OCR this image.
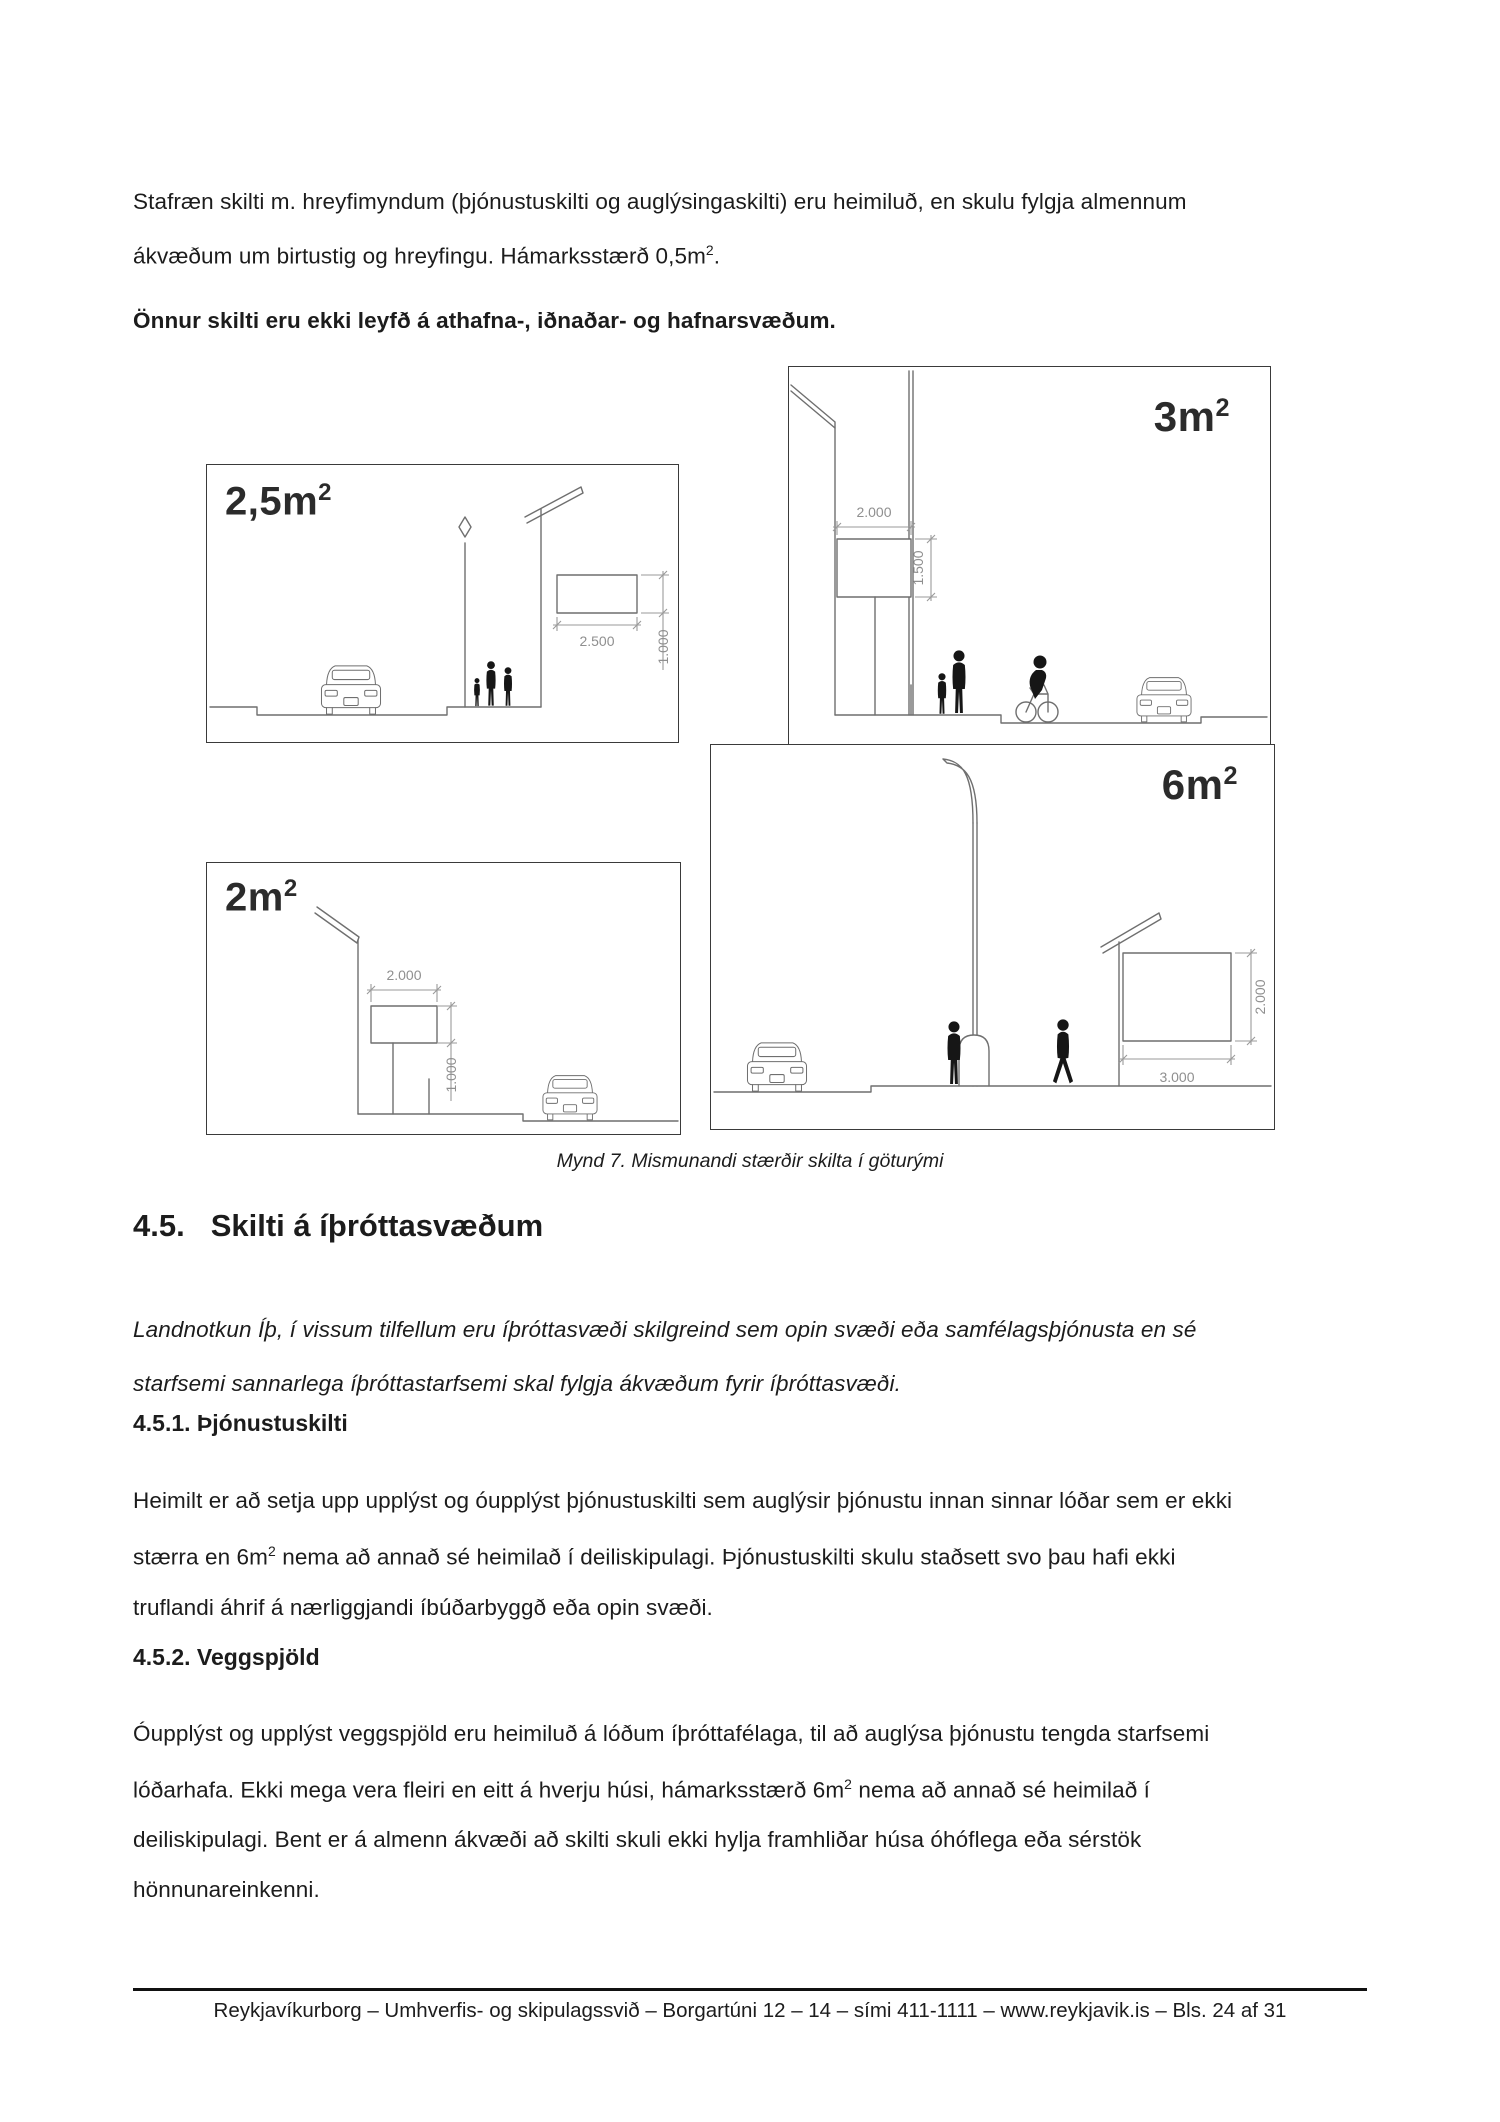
Stafræn skilti m. hreyfimyndum (þjónustuskilti og auglýsingaskilti) eru heimiluð, en skulu fylgja almennum ákvæðum um birtustig og hreyfingu. Hámarksstærð $0,5m^2$.

Önnur skilti eru ekki leyfð á athafna-, iðnaðar- og hafnarsvæðum.

2.500	1.000
$2,5m^2$
2.000
1.500
$3m^2$
2.000
1.000
$2m^2$
3.000
2.000
$6m^2$
Mynd 7. Mismunandi stærðir skilta í göturými
4.5. Skilti á íþróttasvæðum

Landnotkun Íþ, í vissum tilfellum eru íþróttasvæði skilgreind sem opin svæði eða samfélagsþjónusta en sé starfsemi sannarlega íþróttastarfsemi skal fylgja ákvæðum fyrir íþróttasvæði.

4.5.1. Þjónustuskilti

Heimilt er að setja upp upplýst og óupplýst þjónustuskilti sem auglýsir þjónustu innan sinnar lóðar sem er ekki stærra en $6m^2$ nema að annað sé heimilað í deiliskipulagi. Þjónustuskilti skulu staðsett svo þau hafi ekki truflandi áhrif á nærliggjandi íbúðarbyggð eða opin svæði.

4.5.2. Veggspjöld

Óupplýst og upplýst veggspjöld eru heimiluð á lóðum íþróttafélaga, til að auglýsa þjónustu tengda starfsemi lóðarhafa. Ekki mega vera fleiri en eitt á hverju húsi, hámarksstærð $6m^2$ nema að annað sé heimilað í deiliskipulagi. Bent er á almenn ákvæði að skilti skuli ekki hylja framhliðar húsa óhóflega eða sérstök hönnunareinkenni.

Reykjavíkurborg – Umhverfis- og skipulagssvið – Borgartúni 12 – 14 – sími 411-1111 – www.reykjavik.is – Bls. 24 af 31
